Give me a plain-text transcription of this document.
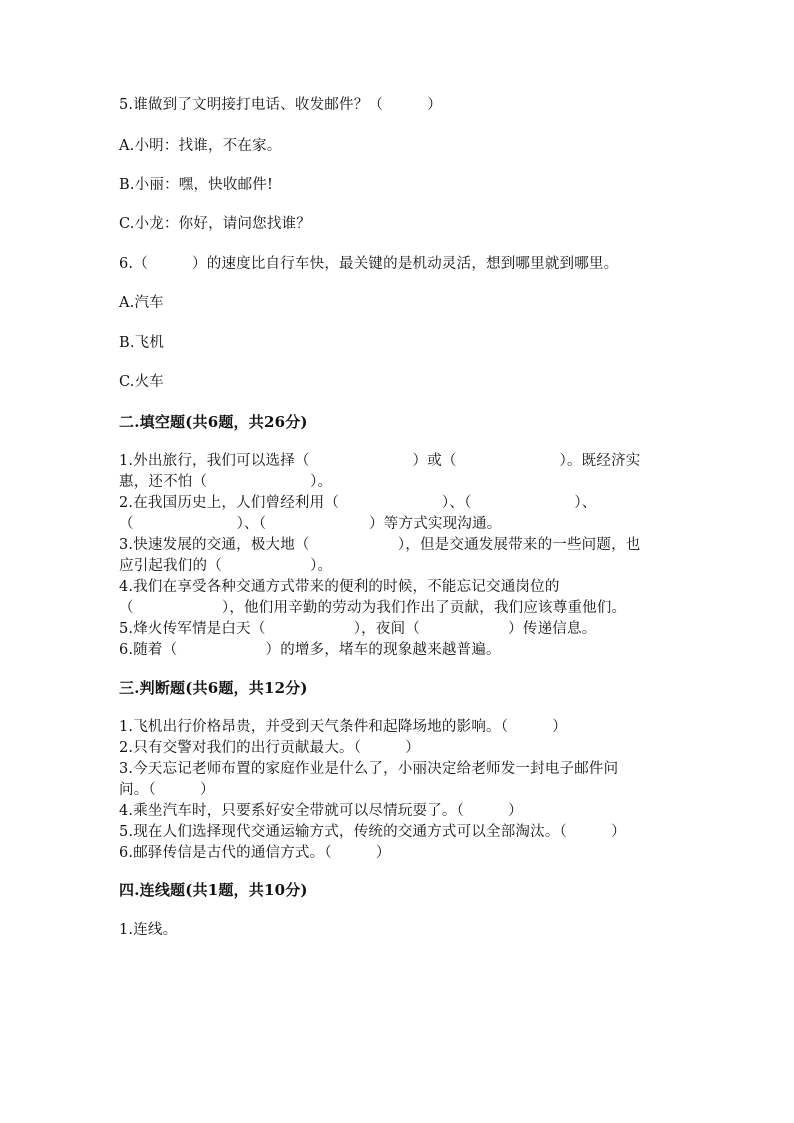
5.谁做到了文明接打电话、收发邮件？（　　　）
A.小明：找谁，不在家。
B.小丽：嘿，快收邮件!
C.小龙：你好，请问您找谁？
6.（　　　）的速度比自行车快，最关键的是机动灵活，想到哪里就到哪里。
A.汽车
B.飞机
C.火车
二.填空题(共6题，共26分)
1.外出旅行，我们可以选择（　　　　　　　）或（　　　　　　　）。既经济实
惠，还不怕（　　　　　　　）。
2.在我国历史上，人们曾经利用（　　　　　　　）、（　　　　　　　）、
（　　　　　　　）、（　　　　　　　）等方式实现沟通。
3.快速发展的交通，极大地（　　　　　　），但是交通发展带来的一些问题，也
应引起我们的（　　　　　　）。
4.我们在享受各种交通方式带来的便利的时候，不能忘记交通岗位的
（　　　　　　），他们用辛勤的劳动为我们作出了贡献，我们应该尊重他们。
5.烽火传军情是白天（　　　　　　），夜间（　　　　　　）传递信息。
6.随着（　　　　　　）的增多，堵车的现象越来越普遍。
三.判断题(共6题，共12分)
1.飞机出行价格昂贵，并受到天气条件和起降场地的影响。（　　　）
2.只有交警对我们的出行贡献最大。（　　　）
3.今天忘记老师布置的家庭作业是什么了，小丽决定给老师发一封电子邮件问
问。（　　　）
4.乘坐汽车时，只要系好安全带就可以尽情玩耍了。（　　　）
5.现在人们选择现代交通运输方式，传统的交通方式可以全部淘汰。（　　　）
6.邮驿传信是古代的通信方式。（　　　）
四.连线题(共1题，共10分)
1.连线。
